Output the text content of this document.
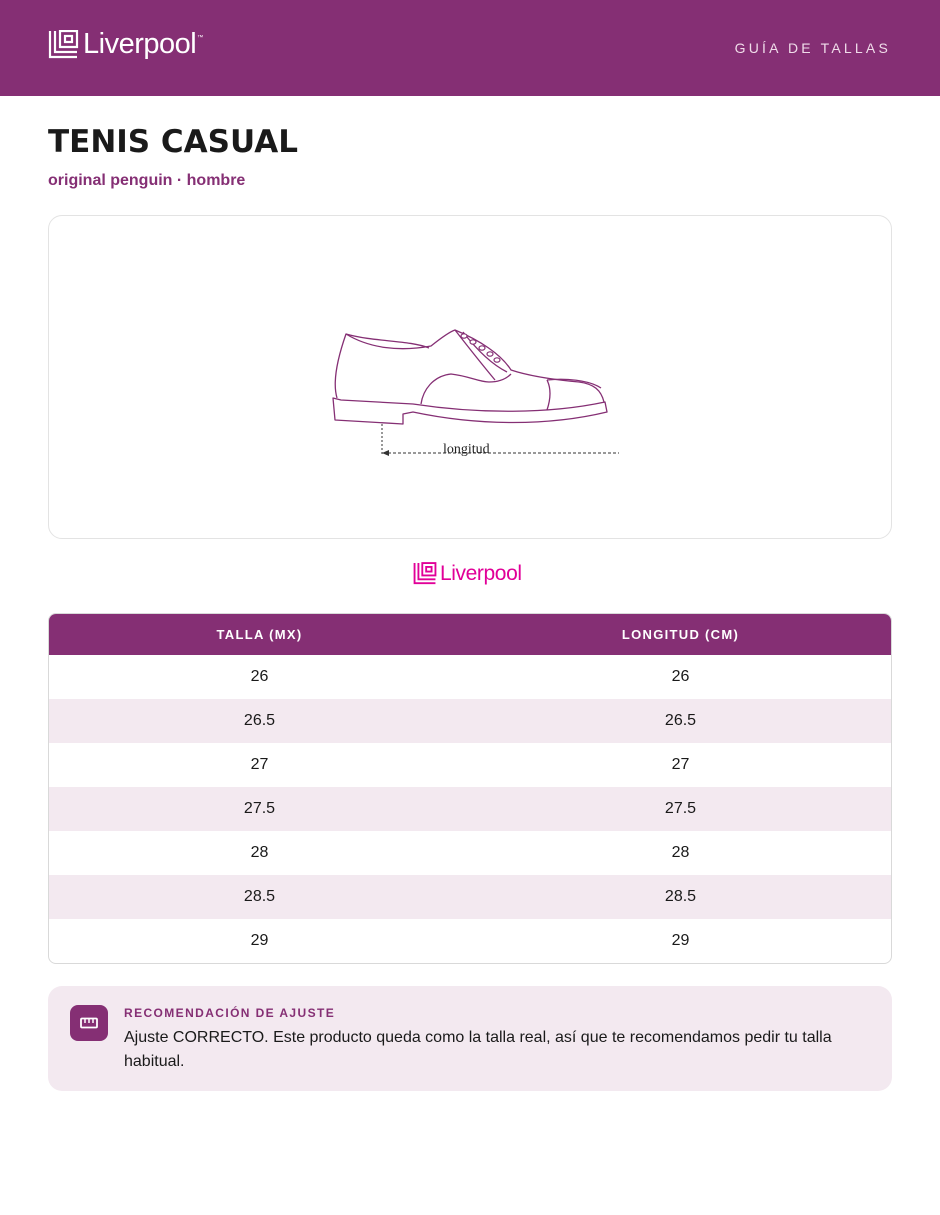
Liverpool ™
GUÍA DE TALLAS
TENIS CASUAL
original penguin · hombre
longitud
Liverpool
TALLA (MX)	LONGITUD (CM)
26	26
26.5	26.5
27	27
27.5	27.5
28	28
28.5	28.5
29	29
RECOMENDACIÓN DE AJUSTE
Ajuste CORRECTO. Este producto queda como la talla real, así que te recomendamos pedir tu talla habitual.
